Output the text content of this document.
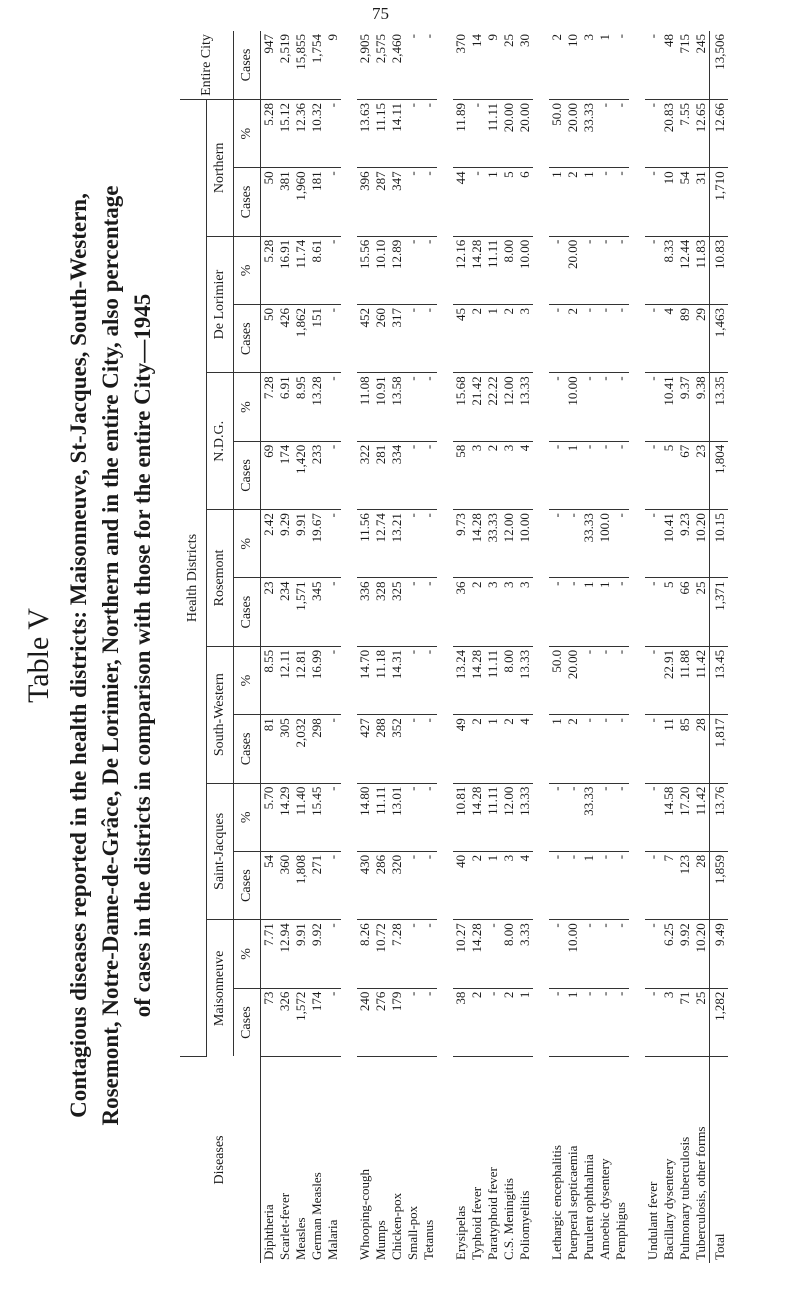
75
Table V Contagious diseases reported in the health districts: Maisonneuve, St-Jacques, South-Western, Rosemont, Notre-Dame-de-Grâce, De Lorimier, Northern and in the entire City, also percentage of cases in the districts in comparison with those for the entire City—1945
Diseases	Health Districts														Entire City
	Maisonneuve		Saint-Jacques		South-Western		Rosemont		N.D.G.		De Lorimier		Northern		
	Cases	%	Cases	%	Cases	%	Cases	%	Cases	%	Cases	%	Cases	%	Cases
Diphtheria	73	7.71	54	5.70	81	8.55	23	2.42	69	7.28	50	5.28	50	5.28	947
Scarlet-fever	326	12.94	360	14.29	305	12.11	234	9.29	174	6.91	426	16.91	381	15.12	2,519
Measles	1,572	9.91	1,808	11.40	2,032	12.81	1,571	9.91	1,420	8.95	1,862	11.74	1,960	12.36	15,855
German Measles	174	9.92	271	15.45	298	16.99	345	19.67	233	13.28	151	8.61	181	10.32	1,754
Malaria	-	-	-	-	-	-	-	-	-	-	-	-	-	-	9

Whooping-cough	240	8.26	430	14.80	427	14.70	336	11.56	322	11.08	452	15.56	396	13.63	2,905
Mumps	276	10.72	286	11.11	288	11.18	328	12.74	281	10.91	260	10.10	287	11.15	2,575
Chicken-pox	179	7.28	320	13.01	352	14.31	325	13.21	334	13.58	317	12.89	347	14.11	2,460
Small-pox	-	-	-	-	-	-	-	-	-	-	-	-	-	-	-
Tetanus	-	-	-	-	-	-	-	-	-	-	-	-	-	-	-

Erysipelas	38	10.27	40	10.81	49	13.24	36	9.73	58	15.68	45	12.16	44	11.89	370
Typhoid fever	2	14.28	2	14.28	2	14.28	2	14.28	3	21.42	2	14.28	-	-	14
Paratyphoid fever	-	-	1	11.11	1	11.11	3	33.33	2	22.22	1	11.11	1	11.11	9
C.S. Meningitis	2	8.00	3	12.00	2	8.00	3	12.00	3	12.00	2	8.00	5	20.00	25
Poliomyelitis	1	3.33	4	13.33	4	13.33	3	10.00	4	13.33	3	10.00	6	20.00	30

Lethargic encephalitis	-	-	-	-	1	50.0	-	-	-	-	-	-	1	50.0	2
Puerperal septicaemia	1	10.00	-	-	2	20.00	-	-	1	10.00	2	20.00	2	20.00	10
Purulent ophthalmia	-	-	1	33.33	-	-	1	33.33	-	-	-	-	1	33.33	3
Amoebic dysentery	-	-	-	-	-	-	1	100.0	-	-	-	-	-	-	1
Pemphigus	-	-	-	-	-	-	-	-	-	-	-	-	-	-	-

Undulant fever	-	-	-	-	-	-	-	-	-	-	-	-	-	-	-
Bacillary dysentery	3	6.25	7	14.58	11	22.91	5	10.41	5	10.41	4	8.33	10	20.83	48
Pulmonary tuberculosis	71	9.92	123	17.20	85	11.88	66	9.23	67	9.37	89	12.44	54	7.55	715
Tuberculosis, other forms	25	10.20	28	11.42	28	11.42	25	10.20	23	9.38	29	11.83	31	12.65	245
Total	1,282	9.49	1,859	13.76	1,817	13.45	1,371	10.15	1,804	13.35	1,463	10.83	1,710	12.66	13,506
